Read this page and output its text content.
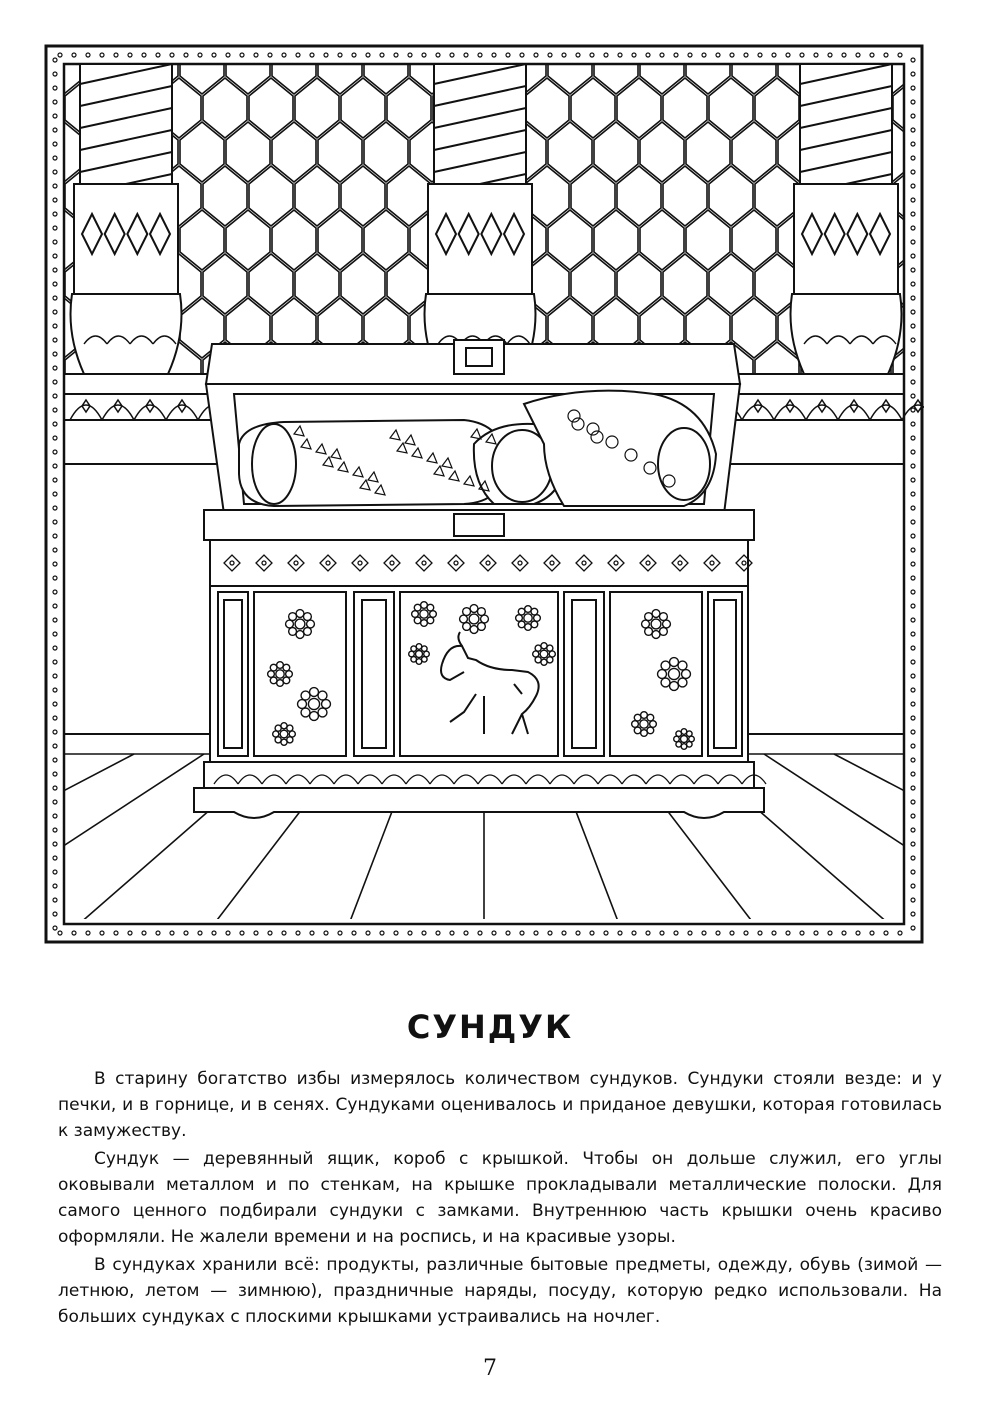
СУНДУК

В старину богатство избы измерялось количеством сундуков. Сундуки стояли везде: и у печки, и в горнице, и в сенях. Сундуками оценивалось и приданое девушки, которая готовилась к замужеству.

Сундук — деревянный ящик, короб с крышкой. Чтобы он дольше служил, его углы оковывали металлом и по стенкам, на крышке прокладывали металлические полоски. Для самого ценного подбирали сундуки с замками. Внутреннюю часть крышки очень красиво оформляли. Не жалели времени и на роспись, и на красивые узоры.

В сундуках хранили всё: продукты, различные бытовые предметы, одежду, обувь (зимой — летнюю, летом — зимнюю), праздничные наряды, посуду, которую редко использовали. На больших сундуках с плоскими крышками устраивались на ночлег.

7
